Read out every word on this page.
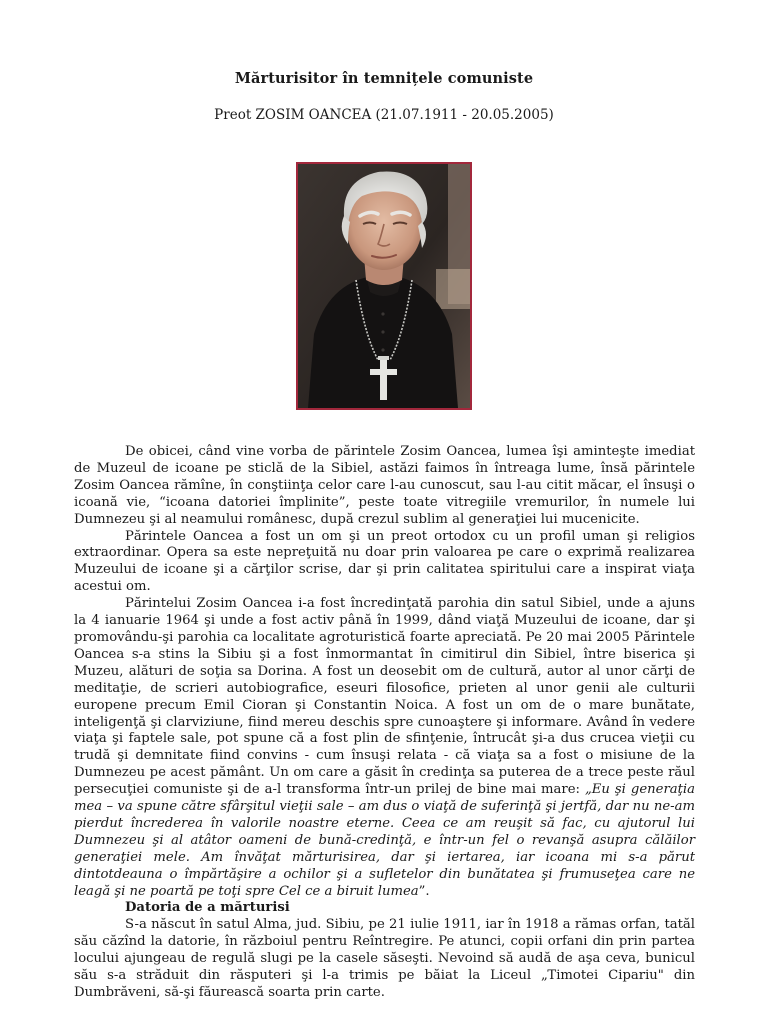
Mărturisitor în temnițele comuniste
Preot ZOSIM OANCEA (21.07.1911 - 20.05.2005)

De obicei, când vine vorba de părintele Zosim Oancea, lumea îşi aminteşte imediat de Muzeul de icoane pe sticlă de la Sibiel, astăzi faimos în întreaga lume, însă părintele Zosim Oancea rămîne, în conştiinţa celor care l-au cunoscut, sau l-au citit măcar, el însuşi o icoană vie, “icoana datoriei împlinite”, peste toate vitregiile vremurilor, în numele lui Dumnezeu şi al neamului românesc, după crezul sublim al generaţiei lui mucenicite.

Părintele Oancea a fost un om şi un preot ortodox cu un profil uman şi religios extraordinar. Opera sa este nepreţuită nu doar prin valoarea pe care o exprimă realizarea Muzeului de icoane şi a cărţilor scrise, dar şi prin calitatea spiritului care a inspirat viaţa acestui om.

Părintelui Zosim Oancea i-a fost încredinţată parohia din satul Sibiel, unde a ajuns la 4 ianuarie 1964 şi unde a fost activ până în 1999, dând viaţă Muzeului de icoane, dar şi promovându-şi parohia ca localitate agroturistică foarte apreciată. Pe 20 mai 2005 Părintele Oancea s-a stins la Sibiu şi a fost înmormantat în cimitirul din Sibiel, între biserica şi Muzeu, alături de soţia sa Dorina. A fost un deosebit om de cultură, autor al unor cărţi de meditaţie, de scrieri autobiografice, eseuri filosofice, prieten al unor genii ale culturii europene precum Emil Cioran şi Constantin Noica. A fost un om de o mare bunătate, inteligenţă şi clarviziune, fiind mereu deschis spre cunoaştere şi informare. Având în vedere viaţa şi faptele sale, pot spune că a fost plin de sfinţenie, întrucât şi-a dus crucea vieţii cu trudă şi demnitate fiind convins - cum însuşi relata - că viaţa sa a fost o misiune de la Dumnezeu pe acest pământ. Un om care a găsit în credinţa sa puterea de a trece peste răul persecuţiei comuniste şi de a-l transforma într-un prilej de bine mai mare: „Eu şi generaţia mea – va spune către sfârşitul vieţii sale – am dus o viaţă de suferinţă şi jertfă, dar nu ne-am pierdut încrederea în valorile noastre eterne. Ceea ce am reuşit să fac, cu ajutorul lui Dumnezeu şi al atâtor oameni de bună-credinţă, e într-un fel o revanşă asupra călăilor generaţiei mele. Am învăţat mărturisirea, dar şi iertarea, iar icoana mi s-a părut dintotdeauna o împărtăşire a ochilor şi a sufletelor din bunătatea şi frumuseţea care ne leagă şi ne poartă pe toţi spre Cel ce a biruit lumea”.

Datoria de a mărturisi

S-a născut în satul Alma, jud. Sibiu, pe 21 iulie 1911, iar în 1918 a rămas orfan, tatăl său căzînd la datorie, în războiul pentru Reîntregire. Pe atunci, copii orfani din prin partea locului ajungeau de regulă slugi pe la casele săseşti. Nevoind să audă de aşa ceva, bunicul său s-a străduit din răsputeri şi l-a trimis pe băiat la Liceul „Timotei Cipariu" din Dumbrăveni, să-şi făurească soarta prin carte.
